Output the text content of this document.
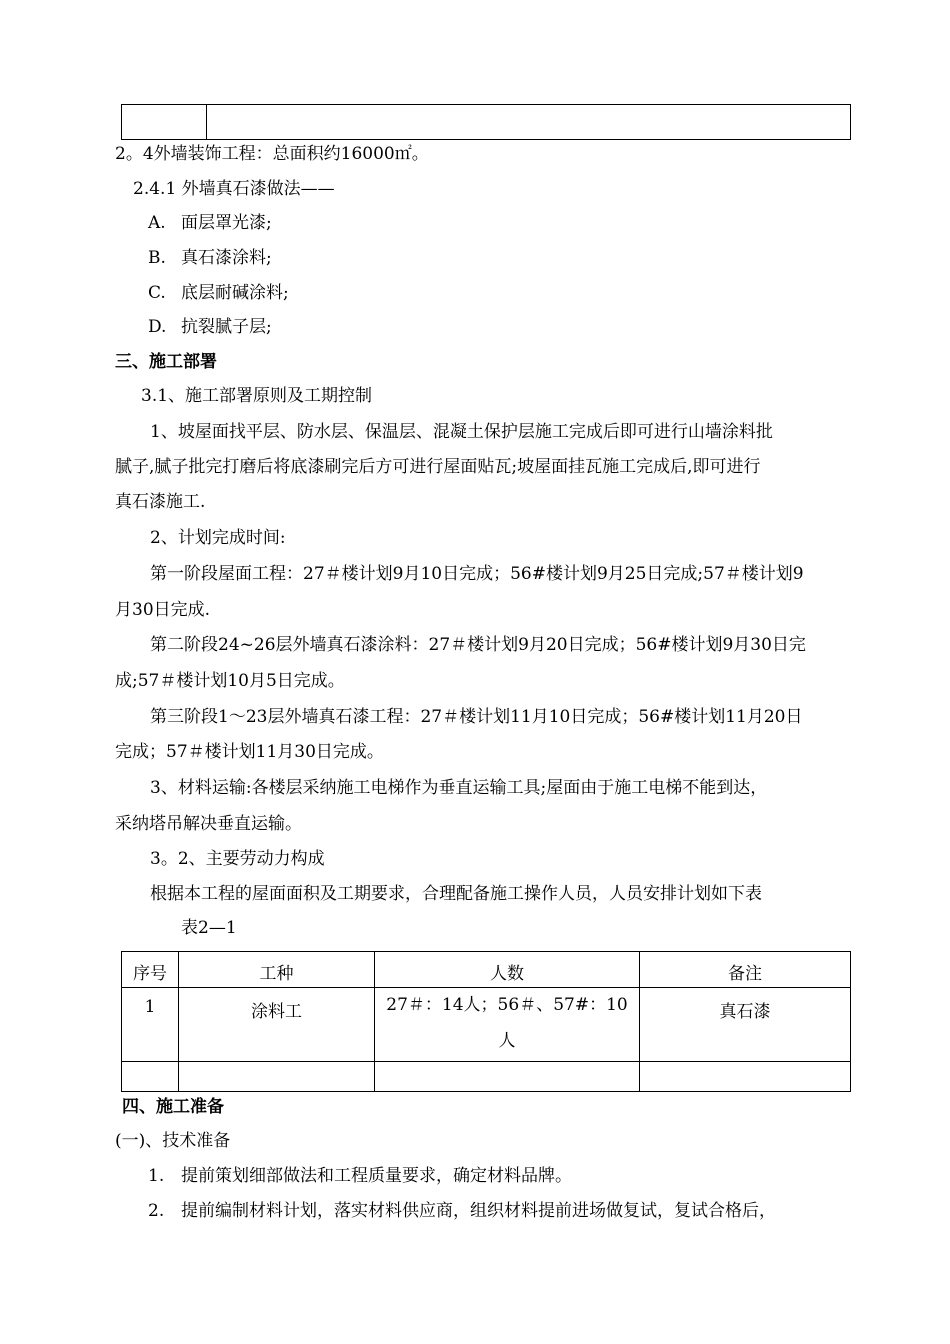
2。4外墙装饰工程：总面积约16000㎡。
2.4.1 外墙真石漆做法——
A. 面层罩光漆;
B. 真石漆涂料;
C. 底层耐碱涂料;
D. 抗裂腻子层;
三、施工部署
3.1、施工部署原则及工期控制
1、坡屋面找平层、防水层、保温层、混凝土保护层施工完成后即可进行山墙涂料批
腻子,腻子批完打磨后将底漆刷完后方可进行屋面贴瓦;坡屋面挂瓦施工完成后,即可进行
真石漆施工.
2、计划完成时间:
第一阶段屋面工程：27＃楼计划9月10日完成；56#楼计划9月25日完成;57＃楼计划9
月30日完成.
第二阶段24~26层外墙真石漆涂料：27＃楼计划9月20日完成；56#楼计划9月30日完
成;57＃楼计划10月5日完成。
第三阶段1～23层外墙真石漆工程：27＃楼计划11月10日完成；56#楼计划11月20日
完成；57＃楼计划11月30日完成。
3、材料运输:各楼层采纳施工电梯作为垂直运输工具;屋面由于施工电梯不能到达，
采纳塔吊解决垂直运输。
3。2、主要劳动力构成
根据本工程的屋面面积及工期要求，合理配备施工操作人员，人员安排计划如下表
表2—1
序号	工种	人数	备注
1	涂料工	27＃：14人；56＃、57#：10
人	真石漆

四、施工准备
(一)、技术准备
1. 提前策划细部做法和工程质量要求，确定材料品牌。
2. 提前编制材料计划，落实材料供应商，组织材料提前进场做复试，复试合格后，
